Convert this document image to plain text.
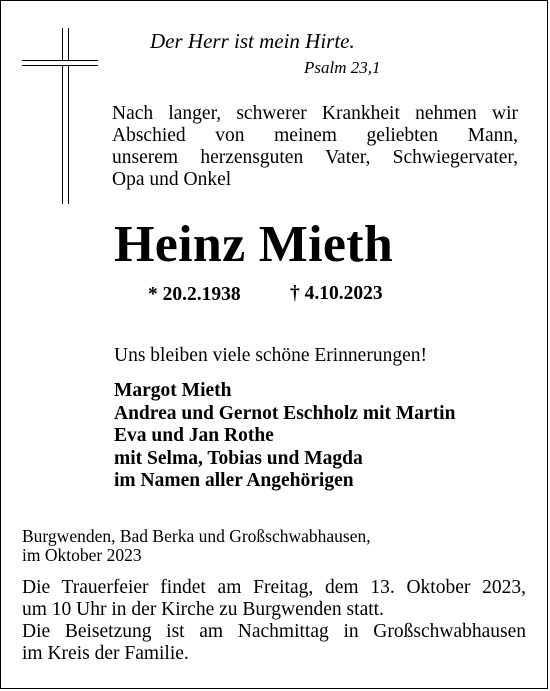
Der Herr ist mein Hirte.
Psalm 23,1
Nach langer, schwerer Krankheit nehmen wir
Abschied von meinem geliebten Mann,
unserem herzensguten Vater, Schwiegervater,
Opa und Onkel
Heinz Mieth
* 20.2.1938	† 4.10.2023
Uns bleiben viele schöne Erinnerungen!
Margot Mieth
Andrea und Gernot Eschholz mit Martin
Eva und Jan Rothe
mit Selma, Tobias und Magda
im Namen aller Angehörigen
Burgwenden, Bad Berka und Großschwabhausen,
im Oktober 2023
Die Trauerfeier findet am Freitag, dem 13. Oktober 2023,
um 10 Uhr in der Kirche zu Burgwenden statt.
Die Beisetzung ist am Nachmittag in Großschwabhausen
im Kreis der Familie.
